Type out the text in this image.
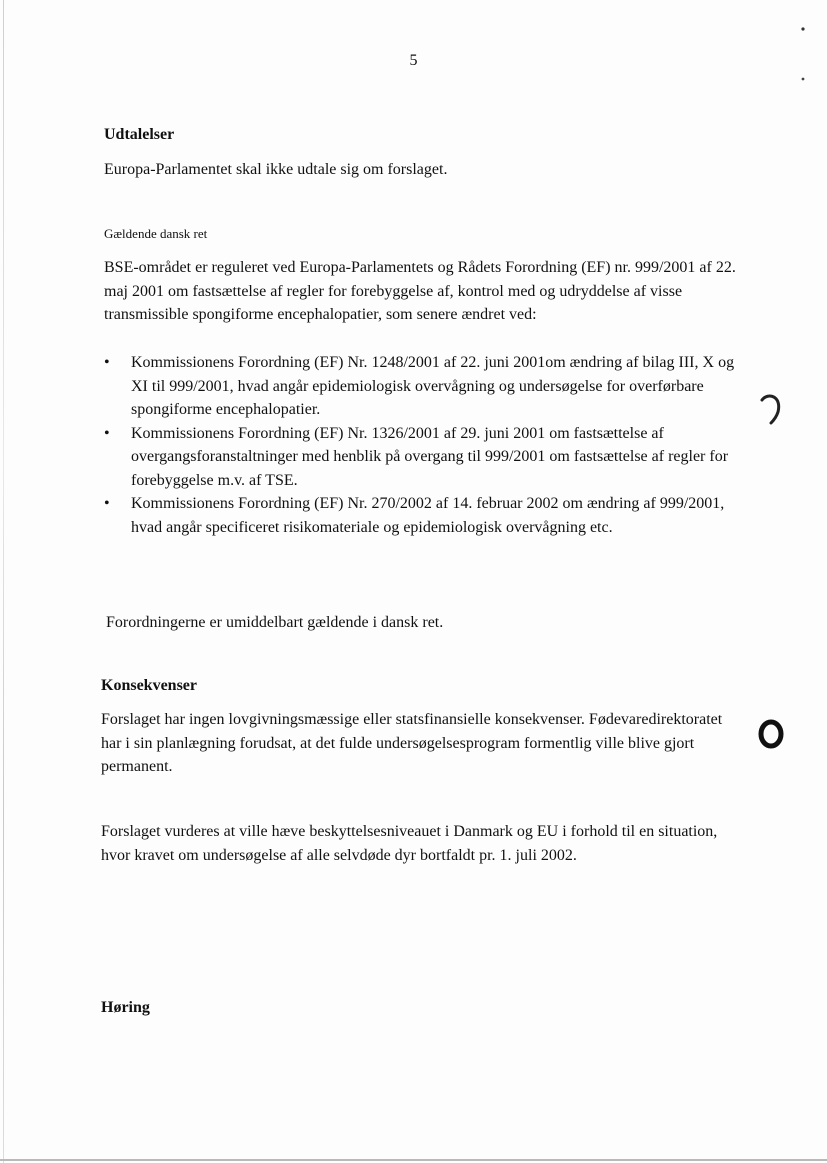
5
Udtalelser
Europa-Parlamentet skal ikke udtale sig om forslaget.
Gældende dansk ret
BSE-området er reguleret ved Europa-Parlamentets og Rådets Forordning (EF) nr. 999/2001 af 22. maj 2001 om fastsættelse af regler for forebyggelse af, kontrol med og udryddelse af visse transmissible spongiforme encephalopatier, som senere ændret ved:
• Kommissionens Forordning (EF) Nr. 1248/2001 af 22. juni 2001om ændring af bilag III, X og XI til 999/2001, hvad angår epidemiologisk overvågning og undersøgelse for overførbare spongiforme encephalopatier.
• Kommissionens Forordning (EF) Nr. 1326/2001 af 29. juni 2001 om fastsættelse af overgangsforanstaltninger med henblik på overgang til 999/2001 om fastsættelse af regler for forebyggelse m.v. af TSE.
• Kommissionens Forordning (EF) Nr. 270/2002 af 14. februar 2002 om ændring af 999/2001, hvad angår specificeret risikomateriale og epidemiologisk overvågning etc.
Forordningerne er umiddelbart gældende i dansk ret.
Konsekvenser
Forslaget har ingen lovgivningsmæssige eller statsfinansielle konsekvenser. Fødevaredirektoratet har i sin planlægning forudsat, at det fulde undersøgelsesprogram formentlig ville blive gjort permanent.
Forslaget vurderes at ville hæve beskyttelsesniveauet i Danmark og EU i forhold til en situation, hvor kravet om undersøgelse af alle selvdøde dyr bortfaldt pr. 1. juli 2002.
Høring
